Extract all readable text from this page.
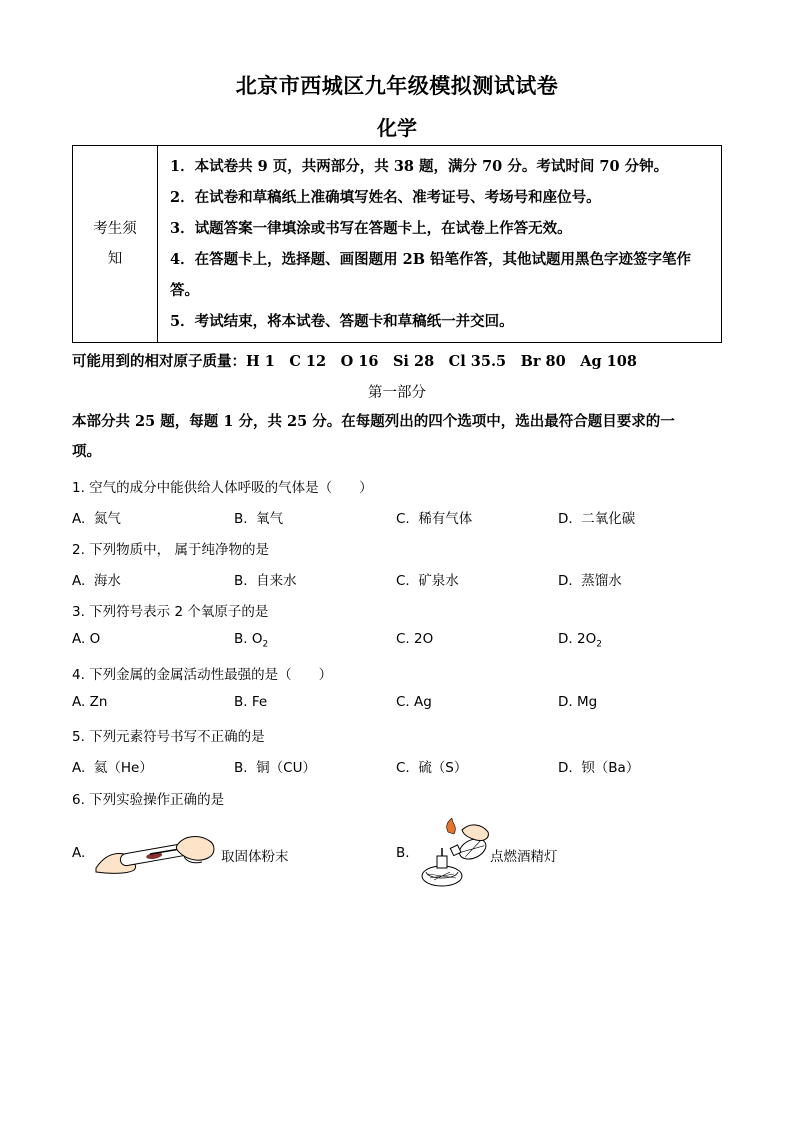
北京市西城区九年级模拟测试试卷
化学
考生须
知

1．本试卷共 9 页，共两部分，共 38 题，满分 70 分。考试时间 70 分钟。
2．在试卷和草稿纸上准确填写姓名、准考证号、考场号和座位号。
3．试题答案一律填涂或书写在答题卡上，在试卷上作答无效。
4．在答题卡上，选择题、画图题用 2B 铅笔作答，其他试题用黑色字迹签字笔作答。
5．考试结束，将本试卷、答题卡和草稿纸一并交回。
可能用到的相对原子质量：H 1　C 12　O 16　Si 28　Cl 35.5　Br 80　Ag 108
第一部分
本部分共 25 题，每题 1 分，共 25 分。在每题列出的四个选项中，选出最符合题目要求的一
项。
1. 空气的成分中能供给人体呼吸的气体是（　　）
A. 氮气	B. 氧气	C. 稀有气体	D. 二氧化碳
2. 下列物质中， 属于纯净物的是
A. 海水	B. 自来水	C. 矿泉水	D. 蒸馏水
3. 下列符号表示 2 个氧原子的是
A. O	B. $O_2$	C. 2O	D. $2O_2$
4. 下列金属的金属活动性最强的是（　　）
A. Zn	B. Fe	C. Ag	D. Mg
5. 下列元素符号书写不正确的是
A. 氦（He）	B. 铜（CU）	C. 硫（S）	D. 钡（Ba）
6. 下列实验操作正确的是
A.	取固体粉末	B.	点燃酒精灯
